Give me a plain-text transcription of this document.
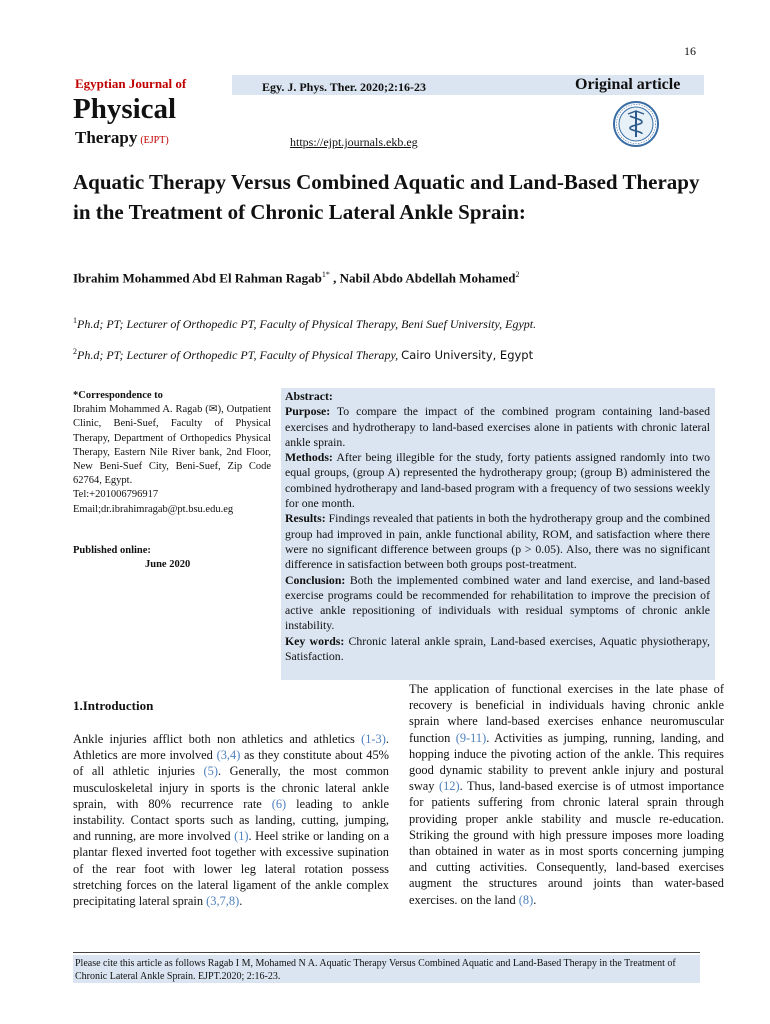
16
Egyptian Journal of
Physical
Therapy (EJPT)
Egy. J. Phys. Ther. 2020;2:16-23	Original article
https://ejpt.journals.ekb.eg
Aquatic Therapy Versus Combined Aquatic and Land-Based Therapy in the Treatment of Chronic Lateral Ankle Sprain:
Ibrahim Mohammed Abd El Rahman Ragab$^{1*}$ , Nabil Abdo Abdellah Mohamed$^2$
$^1$Ph.d; PT; Lecturer of Orthopedic PT, Faculty of Physical Therapy, Beni Suef University, Egypt.
$^2$Ph.d; PT; Lecturer of Orthopedic PT, Faculty of Physical Therapy, Cairo University, Egypt
*Correspondence to
Ibrahim Mohammed A. Ragab (✉), Outpatient Clinic, Beni-Suef, Faculty of Physical Therapy, Department of Orthopedics Physical Therapy, Eastern Nile River bank, 2nd Floor, New Beni-Suef City, Beni-Suef, Zip Code 62764, Egypt.
Tel:+201006796917
Email;dr.ibrahimragab@pt.bsu.edu.eg
Published online:
June 2020
Abstract:
Purpose: To compare the impact of the combined program containing land-based exercises and hydrotherapy to land-based exercises alone in patients with chronic lateral ankle sprain.
Methods: After being illegible for the study, forty patients assigned randomly into two equal groups, (group A) represented the hydrotherapy group; (group B) administered the combined hydrotherapy and land-based program with a frequency of two sessions weekly for one month.
Results: Findings revealed that patients in both the hydrotherapy group and the combined group had improved in pain, ankle functional ability, ROM, and satisfaction where there were no significant difference between groups (p > 0.05). Also, there was no significant difference in satisfaction between both groups post-treatment.
Conclusion: Both the implemented combined water and land exercise, and land-based exercise programs could be recommended for rehabilitation to improve the precision of active ankle repositioning of individuals with residual symptoms of chronic ankle instability.
Key words: Chronic lateral ankle sprain, Land-based exercises, Aquatic physiotherapy, Satisfaction.
1.Introduction
Ankle injuries afflict both non athletics and athletics (1-3). Athletics are more involved (3,4) as they constitute about 45% of all athletic injuries (5). Generally, the most common musculoskeletal injury in sports is the chronic lateral ankle sprain, with 80% recurrence rate (6) leading to ankle instability. Contact sports such as landing, cutting, jumping, and running, are more involved (1). Heel strike or landing on a plantar flexed inverted foot together with excessive supination of the rear foot with lower leg lateral rotation possess stretching forces on the lateral ligament of the ankle complex precipitating lateral sprain (3,7,8).
The application of functional exercises in the late phase of recovery is beneficial in individuals having chronic ankle sprain where land-based exercises enhance neuromuscular function (9-11). Activities as jumping, running, landing, and hopping induce the pivoting action of the ankle. This requires good dynamic stability to prevent ankle injury and postural sway (12). Thus, land-based exercise is of utmost importance for patients suffering from chronic lateral sprain through providing proper ankle stability and muscle re-education. Striking the ground with high pressure imposes more loading than obtained in water as in most sports concerning jumping and cutting activities. Consequently, land-based exercises augment the structures around joints than water-based exercises. on the land (8).
Please cite this article as follows Ragab I M, Mohamed N A. Aquatic Therapy Versus Combined Aquatic and Land-Based Therapy in the Treatment of Chronic Lateral Ankle Sprain. EJPT.2020; 2:16-23.
